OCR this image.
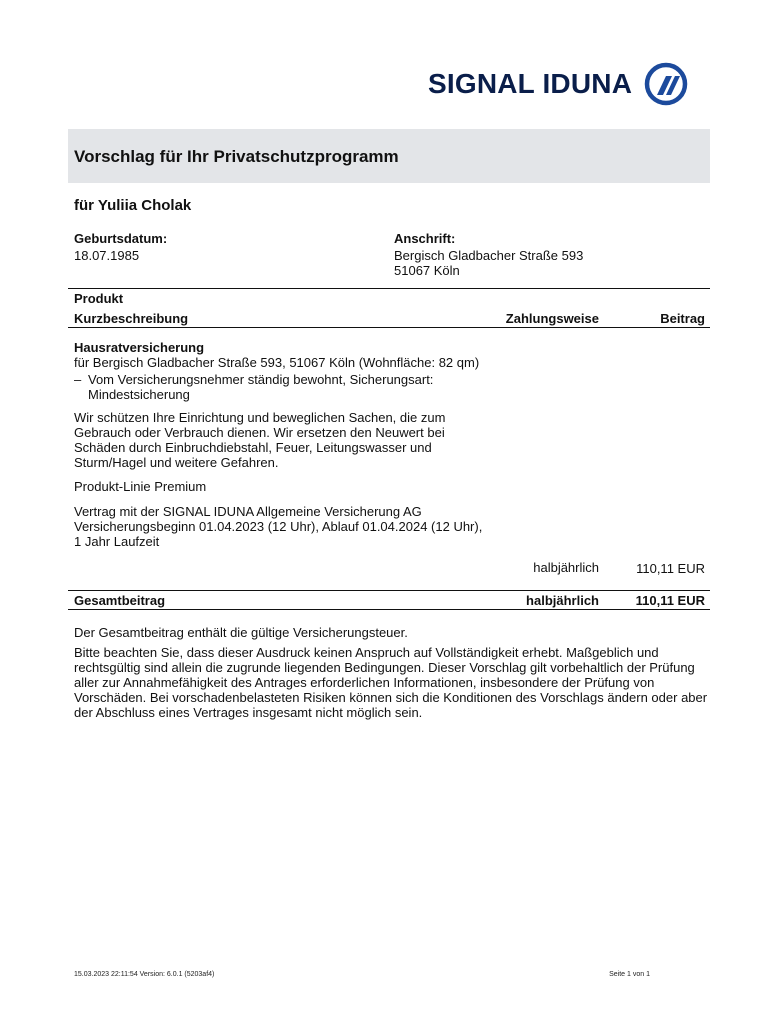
SIGNAL IDUNA
Vorschlag für Ihr Privatschutzprogramm
für Yuliia Cholak
Geburtsdatum:
18.07.1985
Anschrift:
Bergisch Gladbacher Straße 593
51067 Köln
Produkt
Kurzbeschreibung	Zahlungsweise	Beitrag
Hausratversicherung
für Bergisch Gladbacher Straße 593, 51067 Köln (Wohnfläche: 82 qm)
– Vom Versicherungsnehmer ständig bewohnt, Sicherungsart:
Mindestsicherung
Wir schützen Ihre Einrichtung und beweglichen Sachen, die zum
Gebrauch oder Verbrauch dienen. Wir ersetzen den Neuwert bei
Schäden durch Einbruchdiebstahl, Feuer, Leitungswasser und
Sturm/Hagel und weitere Gefahren.
Produkt-Linie Premium
Vertrag mit der SIGNAL IDUNA Allgemeine Versicherung AG
Versicherungsbeginn 01.04.2023 (12 Uhr), Ablauf 01.04.2024 (12 Uhr),
1 Jahr Laufzeit
halbjährlich	110,11 EUR
Gesamtbeitrag	halbjährlich	110,11 EUR
Der Gesamtbeitrag enthält die gültige Versicherungsteuer.
Bitte beachten Sie, dass dieser Ausdruck keinen Anspruch auf Vollständigkeit erhebt. Maßgeblich und
rechtsgültig sind allein die zugrunde liegenden Bedingungen. Dieser Vorschlag gilt vorbehaltlich der Prüfung
aller zur Annahmefähigkeit des Antrages erforderlichen Informationen, insbesondere der Prüfung von
Vorschäden. Bei vorschadenbelasteten Risiken können sich die Konditionen des Vorschlags ändern oder aber
der Abschluss eines Vertrages insgesamt nicht möglich sein.
15.03.2023 22:11:54 Version: 6.0.1 (5203af4)	Seite 1 von 1
